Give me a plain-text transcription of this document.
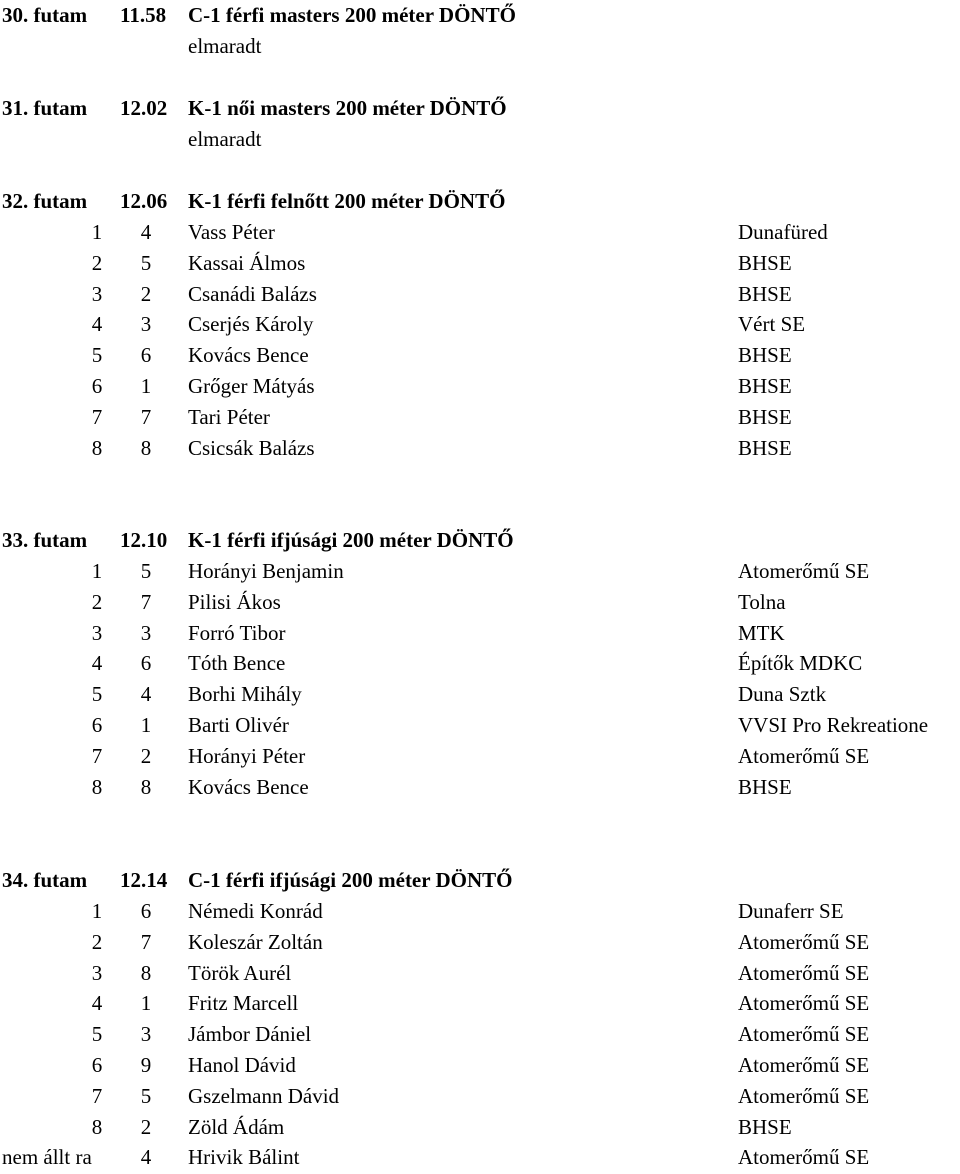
30. futam 11.58 C-1 férfi masters 200 méter DÖNTŐ
elmaradt
31. futam 12.02 K-1 női masters 200 méter DÖNTŐ
elmaradt
32. futam 12.06 K-1 férfi felnőtt 200 méter DÖNTŐ
1 4 Vass Péter	Dunafüred
2 5 Kassai Álmos	BHSE
3 2 Csanádi Balázs	BHSE
4 3 Cserjés Károly	Vért SE
5 6 Kovács Bence	BHSE
6 1 Grőger Mátyás	BHSE
7 7 Tari Péter	BHSE
8 8 Csicsák Balázs	BHSE
33. futam 12.10 K-1 férfi ifjúsági 200 méter DÖNTŐ
1 5 Horányi Benjamin	Atomerőmű SE
2 7 Pilisi Ákos	Tolna
3 3 Forró Tibor	MTK
4 6 Tóth Bence	Építők MDKC
5 4 Borhi Mihály	Duna Sztk
6 1 Barti Olivér	VVSI Pro Rekreatione
7 2 Horányi Péter	Atomerőmű SE
8 8 Kovács Bence	BHSE
34. futam 12.14 C-1 férfi ifjúsági 200 méter DÖNTŐ
1 6 Némedi Konrád	Dunaferr SE
2 7 Koleszár Zoltán	Atomerőmű SE
3 8 Török Aurél	Atomerőmű SE
4 1 Fritz Marcell	Atomerőmű SE
5 3 Jámbor Dániel	Atomerőmű SE
6 9 Hanol Dávid	Atomerőmű SE
7 5 Gszelmann Dávid	Atomerőmű SE
8 2 Zöld Ádám	BHSE
nem állt ra 4 Hrivik Bálint	Atomerőmű SE
